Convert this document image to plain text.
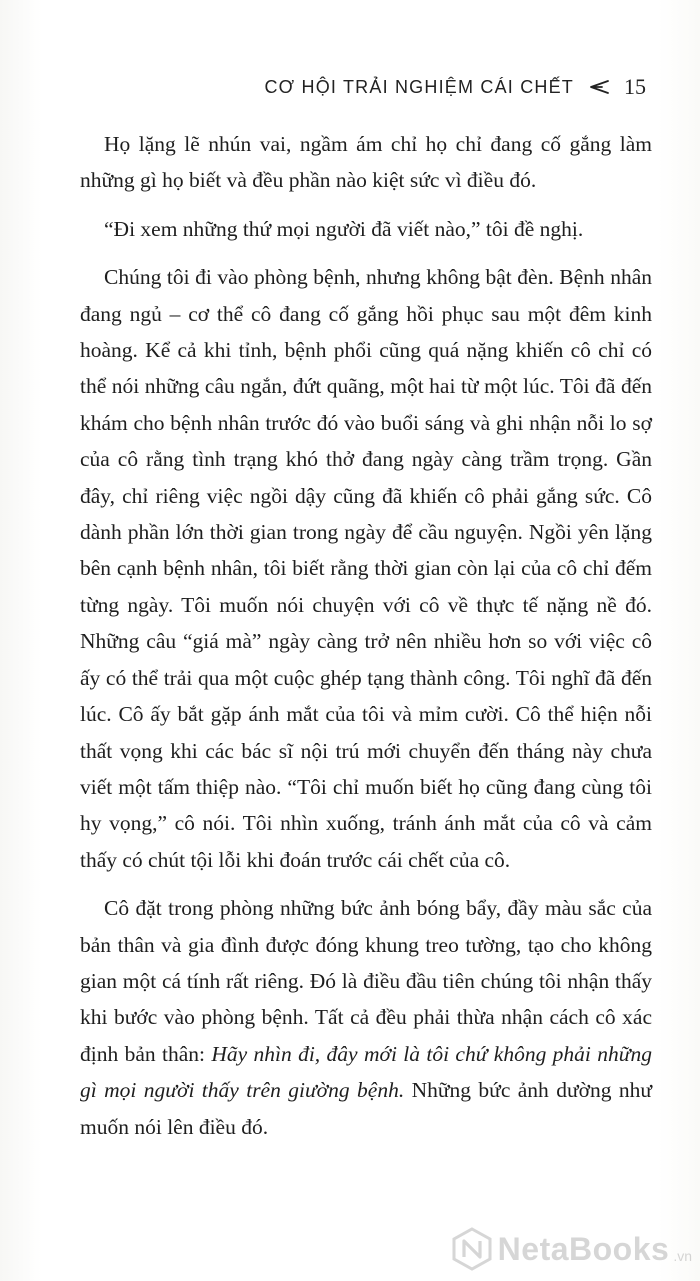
CƠ HỘI TRẢI NGHIỆM CÁI CHẾT 15

Họ lặng lẽ nhún vai, ngầm ám chỉ họ chỉ đang cố gắng làm những gì họ biết và đều phần nào kiệt sức vì điều đó.

“Đi xem những thứ mọi người đã viết nào,” tôi đề nghị.

Chúng tôi đi vào phòng bệnh, nhưng không bật đèn. Bệnh nhân đang ngủ – cơ thể cô đang cố gắng hồi phục sau một đêm kinh hoàng. Kể cả khi tỉnh, bệnh phổi cũng quá nặng khiến cô chỉ có thể nói những câu ngắn, đứt quãng, một hai từ một lúc. Tôi đã đến khám cho bệnh nhân trước đó vào buổi sáng và ghi nhận nỗi lo sợ của cô rằng tình trạng khó thở đang ngày càng trầm trọng. Gần đây, chỉ riêng việc ngồi dậy cũng đã khiến cô phải gắng sức. Cô dành phần lớn thời gian trong ngày để cầu nguyện. Ngồi yên lặng bên cạnh bệnh nhân, tôi biết rằng thời gian còn lại của cô chỉ đếm từng ngày. Tôi muốn nói chuyện với cô về thực tế nặng nề đó. Những câu “giá mà” ngày càng trở nên nhiều hơn so với việc cô ấy có thể trải qua một cuộc ghép tạng thành công. Tôi nghĩ đã đến lúc. Cô ấy bắt gặp ánh mắt của tôi và mỉm cười. Cô thể hiện nỗi thất vọng khi các bác sĩ nội trú mới chuyển đến tháng này chưa viết một tấm thiệp nào. “Tôi chỉ muốn biết họ cũng đang cùng tôi hy vọng,” cô nói. Tôi nhìn xuống, tránh ánh mắt của cô và cảm thấy có chút tội lỗi khi đoán trước cái chết của cô.

Cô đặt trong phòng những bức ảnh bóng bẩy, đầy màu sắc của bản thân và gia đình được đóng khung treo tường, tạo cho không gian một cá tính rất riêng. Đó là điều đầu tiên chúng tôi nhận thấy khi bước vào phòng bệnh. Tất cả đều phải thừa nhận cách cô xác định bản thân: Hãy nhìn đi, đây mới là tôi chứ không phải những gì mọi người thấy trên giường bệnh. Những bức ảnh dường như muốn nói lên điều đó.

NetaBooks .vn
